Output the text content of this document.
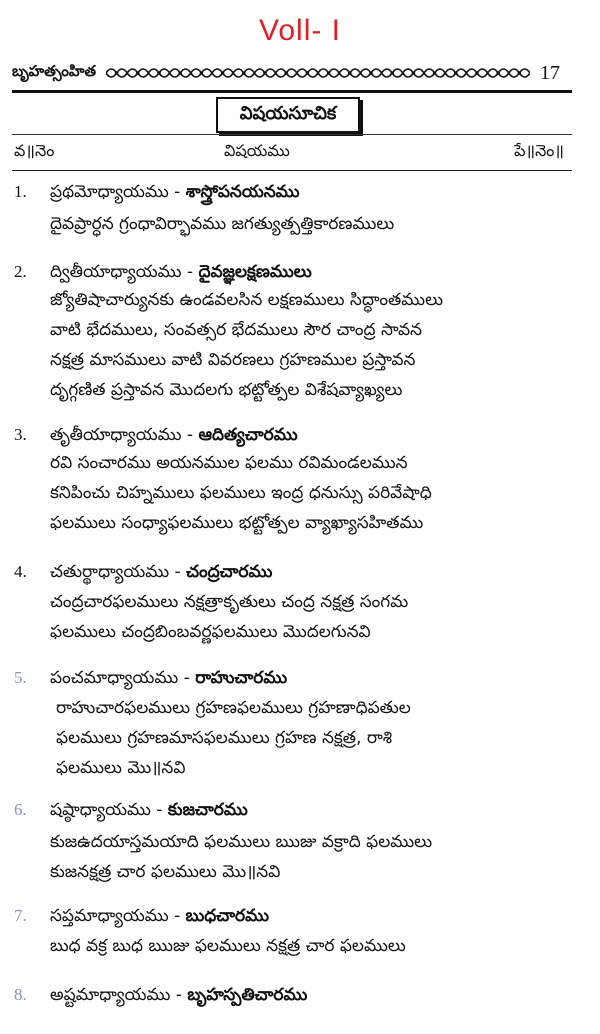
Voll- I
బృహత్సంహిత	17
విషయసూచిక
వ॥నెం	విషయము	పే॥నెం॥
1. ప్రథమోధ్యాయము - శాస్త్రోపనయనము
దైవప్రార్ధన గ్రంధావిర్భావము జగత్యుత్పత్తికారణములు
2. ద్వితీయాధ్యాయము - దైవజ్ఞలక్షణములు
జ్యోతిషాచార్యునకు ఉండవలసిన లక్షణములు సిద్ధాంతములు
వాటి భేదములు, సంవత్సర భేదములు సౌర చాంద్ర సావన
నక్షత్ర మాసములు వాటి వివరణలు గ్రహణముల ప్రస్తావన
దృగ్గణిత ప్రస్తావన మొదలగు భట్టోత్పల విశేషవ్యాఖ్యలు
3. తృతీయాధ్యాయము - ఆదిత్యచారము
రవి సంచారము అయనముల ఫలము రవిమండలమున
కనిపించు చిహ్నములు ఫలములు ఇంద్ర ధనుస్సు పరివేషాధి
ఫలములు సంధ్యాఫలములు భట్టోత్పల వ్యాఖ్యాసహితము
4. చతుర్థాధ్యాయము - చంద్రచారము
చంద్రచారఫలములు నక్షత్రాకృతులు చంద్ర నక్షత్ర సంగమ
ఫలములు చంద్రబింబవర్ణఫలములు మొదలగునవి
5. పంచమాధ్యాయము - రాహుచారము
రాహుచారఫలములు గ్రహణఫలములు గ్రహణాధిపతుల
ఫలములు గ్రహణమాసఫలములు గ్రహణ నక్షత్ర, రాశి
ఫలములు మొ॥నవి
6. షష్ఠాధ్యాయము - కుజచారము
కుజఉదయాస్తమయాది ఫలములు ఋజు వక్రాది ఫలములు
కుజనక్షత్ర చార ఫలములు మొ॥నవి
7. సప్తమాధ్యాయము - బుధచారము
బుధ వక్ర బుధ ఋజు ఫలములు నక్షత్ర చార ఫలములు
8. అష్టమాధ్యాయము - బృహస్పతిచారము
